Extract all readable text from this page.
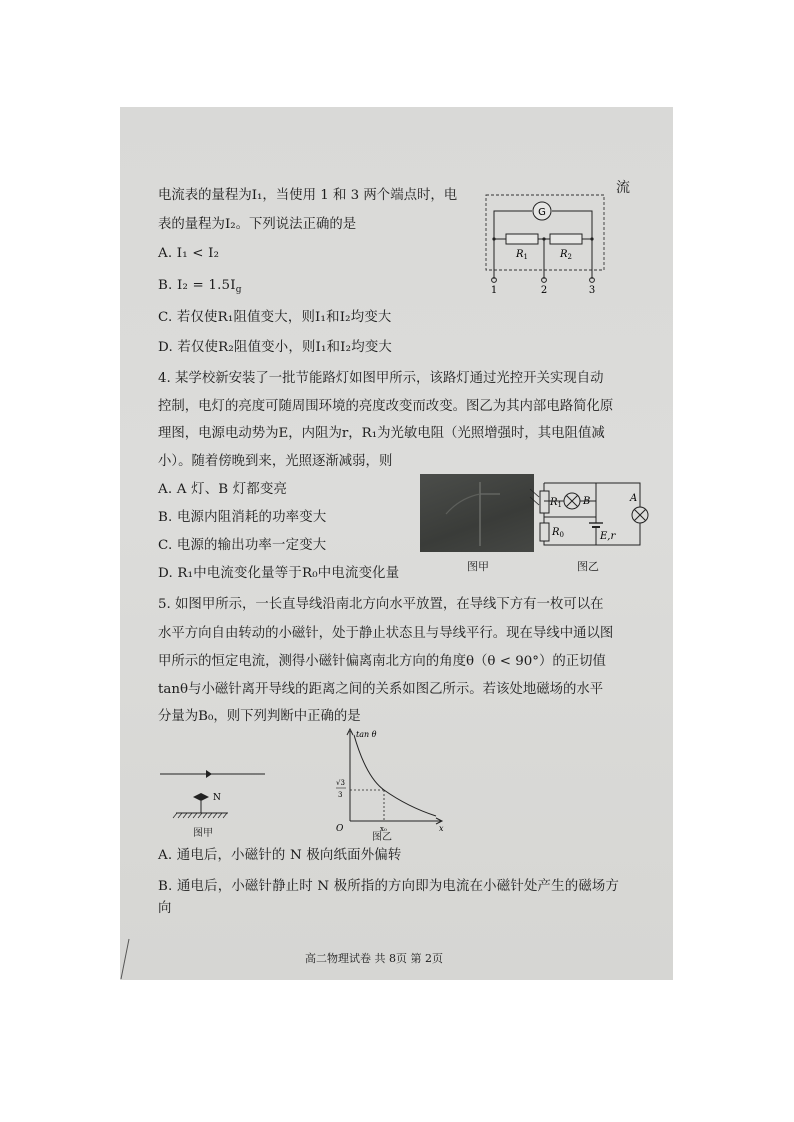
电流表的量程为I₁，当使用 1 和 3 两个端点时，电	流
表的量程为I₂。下列说法正确的是
A. I₁ < I₂
B. $I_2 = 1.5I_g$
C. 若仅使R₁阻值变大，则I₁和I₂均变大
D. 若仅使R₂阻值变小，则I₁和I₂均变大
G
$R_1$	$R_2$
1	2	3
4. 某学校新安装了一批节能路灯如图甲所示，该路灯通过光控开关实现自动
控制，电灯的亮度可随周围环境的亮度改变而改变。图乙为其内部电路简化原
理图，电源电动势为E，内阻为r，R₁为光敏电阻（光照增强时，其电阻值减
小）。随着傍晚到来，光照逐渐减弱，则
A. A 灯、B 灯都变亮
B. 电源内阻消耗的功率变大
C. 电源的输出功率一定变大
D. R₁中电流变化量等于R₀中电流变化量	图甲
$R_1$ B
$R_0$	E,r
A
图乙
5. 如图甲所示，一长直导线沿南北方向水平放置，在导线下方有一枚可以在
水平方向自由转动的小磁针，处于静止状态且与导线平行。现在导线中通以图
甲所示的恒定电流，测得小磁针偏离南北方向的角度θ（θ < 90°）的正切值
tanθ与小磁针离开导线的距离之间的关系如图乙所示。若该处地磁场的水平
分量为B₀，则下列判断中正确的是
N
图甲
tan θ
x
O
√3
3
x₀
图乙
A. 通电后，小磁针的 N 极向纸面外偏转
B. 通电后，小磁针静止时 N 极所指的方向即为电流在小磁针处产生的磁场方
向
高二物理试卷 共 8页 第 2页
